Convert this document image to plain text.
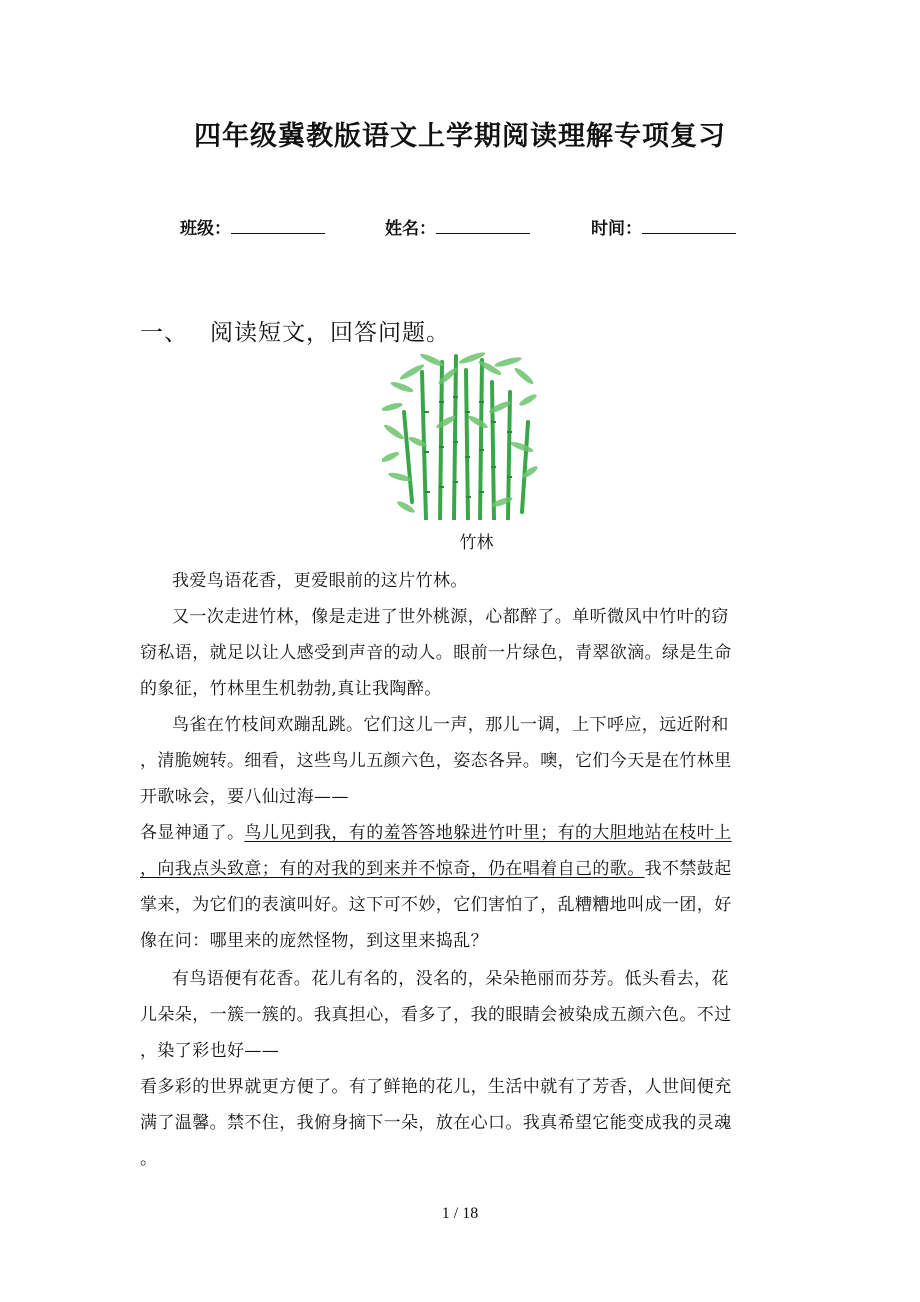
四年级冀教版语文上学期阅读理解专项复习
班级：	姓名：	时间：
一、 阅读短文，回答问题。
竹林
我爱鸟语花香，更爱眼前的这片竹林。
又一次走进竹林，像是走进了世外桃源，心都醉了。单听微风中竹叶的窃
窃私语，就足以让人感受到声音的动人。眼前一片绿色，青翠欲滴。绿是生命
的象征，竹林里生机勃勃,真让我陶醉。
鸟雀在竹枝间欢蹦乱跳。它们这儿一声，那儿一调，上下呼应，远近附和
，清脆婉转。细看，这些鸟儿五颜六色，姿态各异。噢，它们今天是在竹林里
开歌咏会，要八仙过海——
各显神通了。鸟儿见到我，有的羞答答地躲进竹叶里；有的大胆地站在枝叶上
，向我点头致意；有的对我的到来并不惊奇，仍在唱着自己的歌。我不禁鼓起
掌来，为它们的表演叫好。这下可不妙，它们害怕了，乱糟糟地叫成一团，好
像在问：哪里来的庞然怪物，到这里来捣乱？
有鸟语便有花香。花儿有名的，没名的，朵朵艳丽而芬芳。低头看去，花
儿朵朵，一簇一簇的。我真担心，看多了，我的眼睛会被染成五颜六色。不过
，染了彩也好——
看多彩的世界就更方便了。有了鲜艳的花儿，生活中就有了芳香，人世间便充
满了温馨。禁不住，我俯身摘下一朵，放在心口。我真希望它能变成我的灵魂
。
1 / 18
